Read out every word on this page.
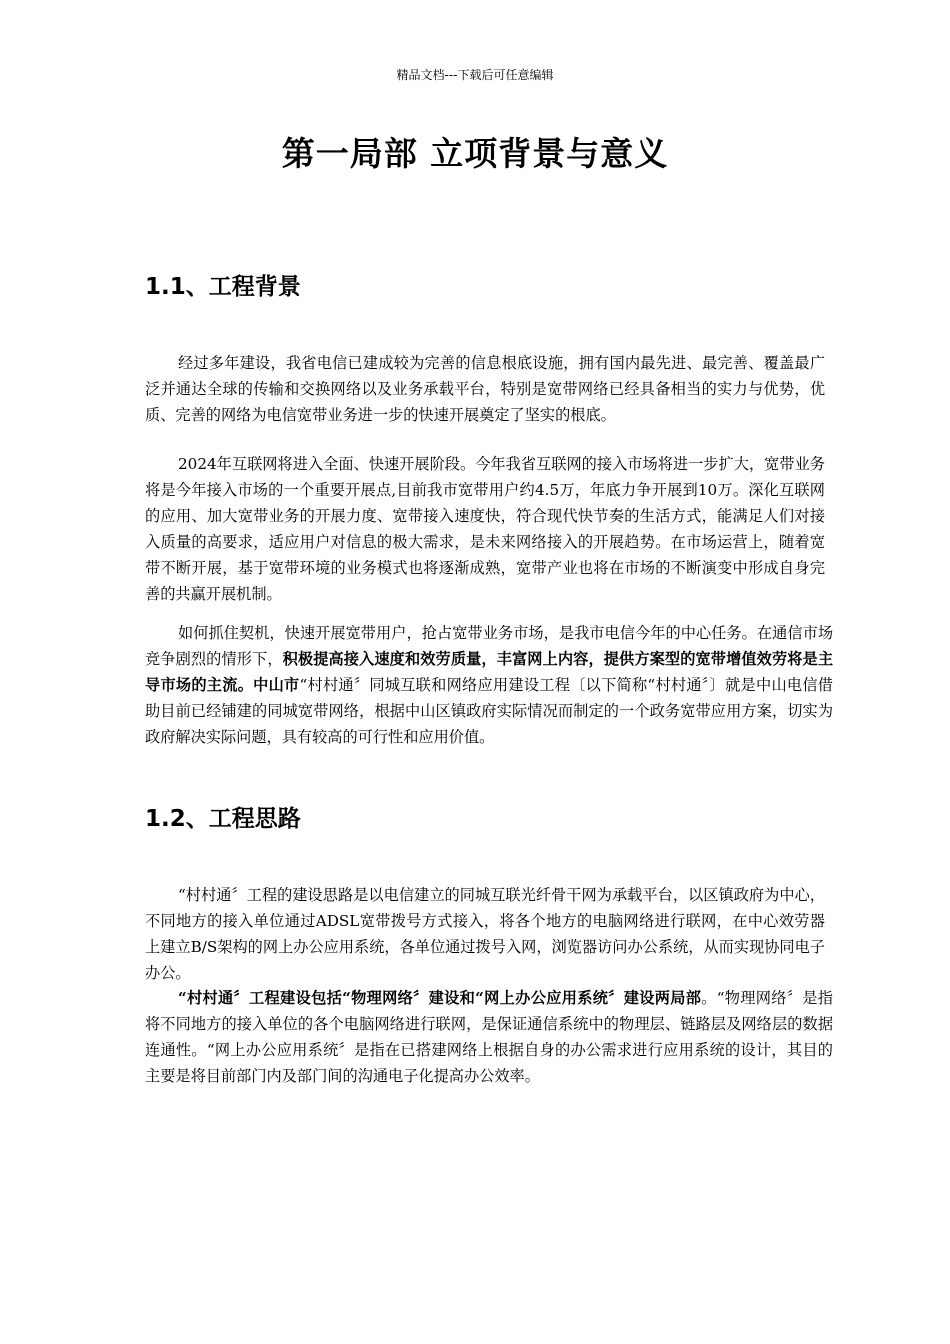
精品文档---下载后可任意编辑
第一局部 立项背景与意义
1.1、工程背景

经过多年建设，我省电信已建成较为完善的信息根底设施，拥有国内最先进、最完善、覆盖最广泛并通达全球的传输和交换网络以及业务承载平台，特别是宽带网络已经具备相当的实力与优势，优质、完善的网络为电信宽带业务进一步的快速开展奠定了坚实的根底。

2024年互联网将进入全面、快速开展阶段。今年我省互联网的接入市场将进一步扩大，宽带业务将是今年接入市场的一个重要开展点,目前我市宽带用户约4.5万，年底力争开展到10万。深化互联网的应用、加大宽带业务的开展力度、宽带接入速度快，符合现代快节奏的生活方式，能满足人们对接入质量的高要求，适应用户对信息的极大需求，是未来网络接入的开展趋势。在市场运营上，随着宽带不断开展，基于宽带环境的业务模式也将逐渐成熟，宽带产业也将在市场的不断演变中形成自身完善的共赢开展机制。

如何抓住契机，快速开展宽带用户，抢占宽带业务市场，是我市电信今年的中心任务。在通信市场竞争剧烈的情形下，积极提高接入速度和效劳质量，丰富网上内容，提供方案型的宽带增值效劳将是主导市场的主流。中山市“村村通〞同城互联和网络应用建设工程〔以下简称“村村通〞〕就是中山电信借助目前已经铺建的同城宽带网络，根据中山区镇政府实际情况而制定的一个政务宽带应用方案，切实为政府解决实际问题，具有较高的可行性和应用价值。

1.2、工程思路

“村村通〞工程的建设思路是以电信建立的同城互联光纤骨干网为承载平台，以区镇政府为中心，不同地方的接入单位通过ADSL宽带拨号方式接入，将各个地方的电脑网络进行联网，在中心效劳器上建立B/S架构的网上办公应用系统，各单位通过拨号入网，浏览器访问办公系统，从而实现协同电子办公。

“村村通〞工程建设包括“物理网络〞建设和“网上办公应用系统〞建设两局部。“物理网络〞是指将不同地方的接入单位的各个电脑网络进行联网，是保证通信系统中的物理层、链路层及网络层的数据连通性。“网上办公应用系统〞是指在已搭建网络上根据自身的办公需求进行应用系统的设计，其目的主要是将目前部门内及部门间的沟通电子化提高办公效率。
